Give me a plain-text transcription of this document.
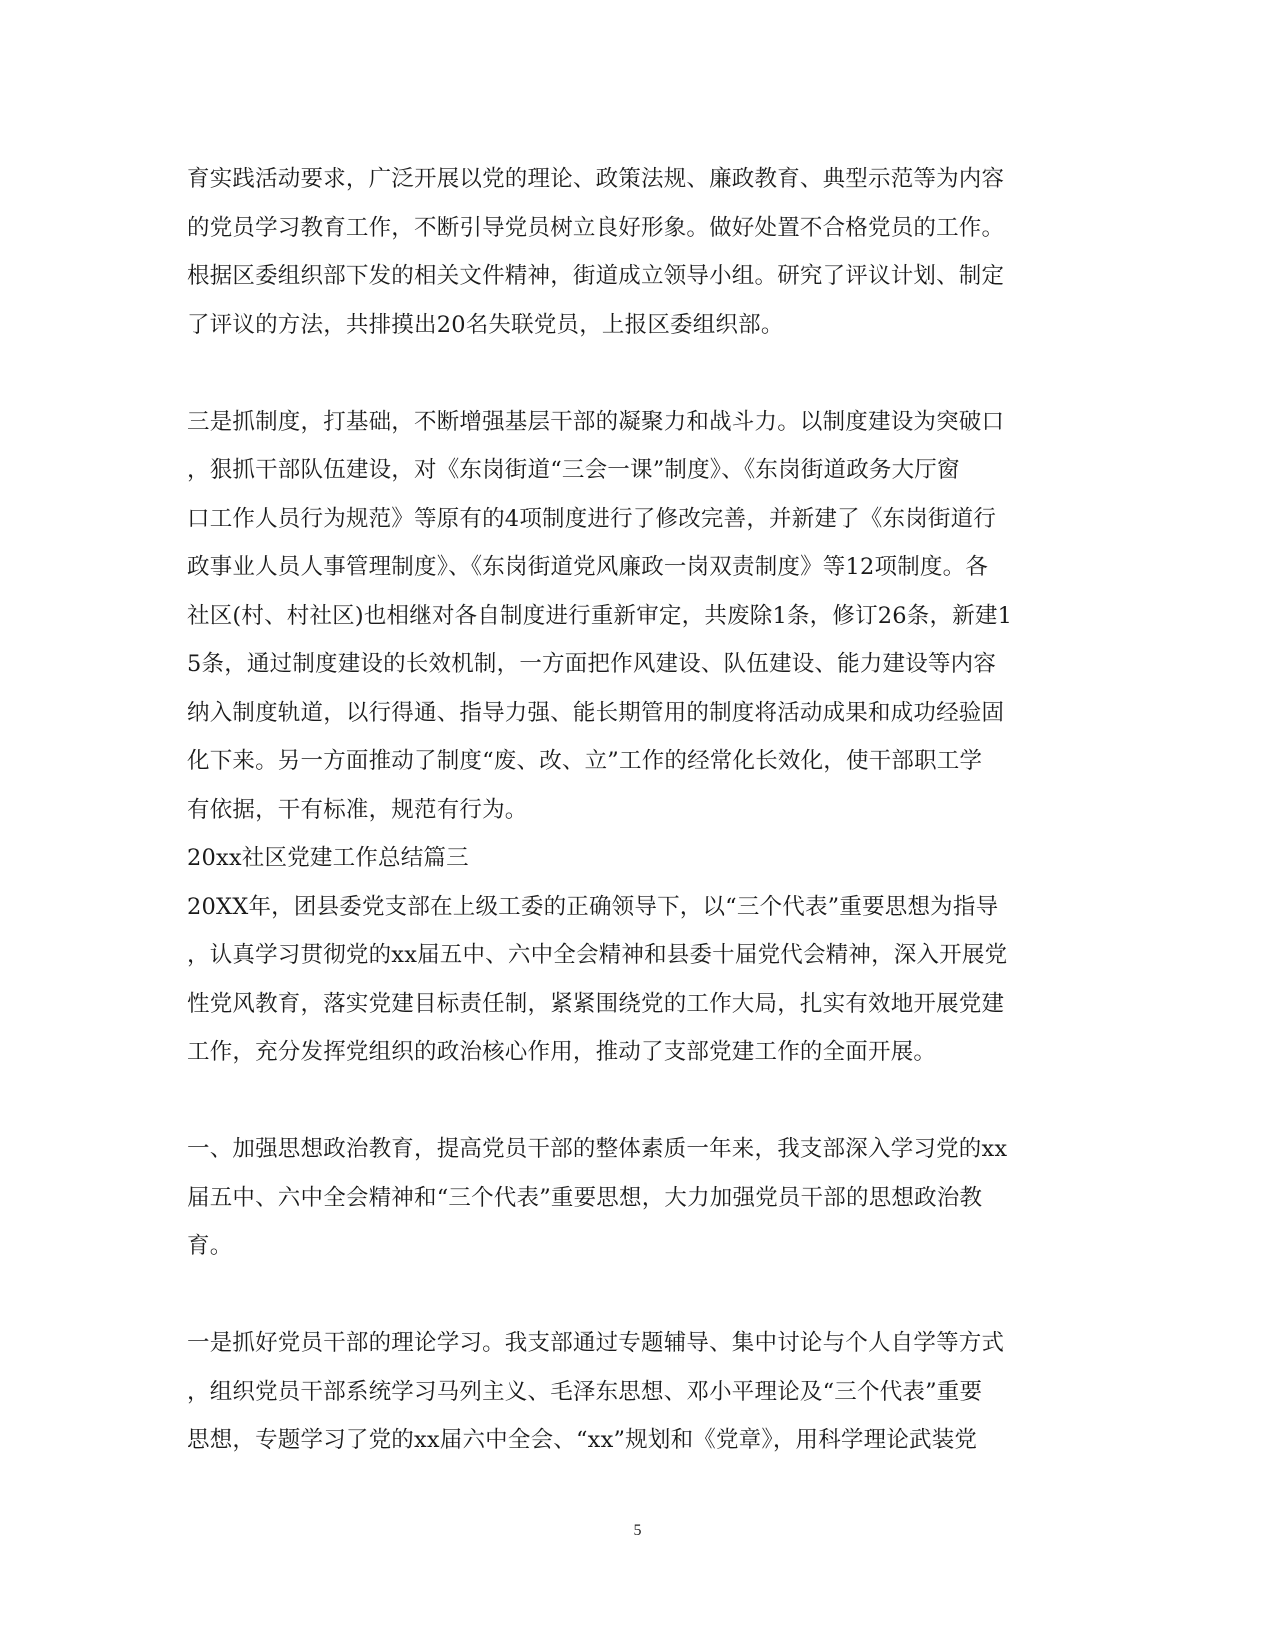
育实践活动要求，广泛开展以党的理论、政策法规、廉政教育、典型示范等为内容
的党员学习教育工作，不断引导党员树立良好形象。做好处置不合格党员的工作。
根据区委组织部下发的相关文件精神，街道成立领导小组。研究了评议计划、制定
了评议的方法，共排摸出20名失联党员，上报区委组织部。
三是抓制度，打基础，不断增强基层干部的凝聚力和战斗力。以制度建设为突破口
，狠抓干部队伍建设，对《东岗街道“三会一课”制度》、《东岗街道政务大厅窗
口工作人员行为规范》等原有的4项制度进行了修改完善，并新建了《东岗街道行
政事业人员人事管理制度》、《东岗街道党风廉政一岗双责制度》等12项制度。各
社区(村、村社区)也相继对各自制度进行重新审定，共废除1条，修订26条，新建1
5条，通过制度建设的长效机制，一方面把作风建设、队伍建设、能力建设等内容
纳入制度轨道，以行得通、指导力强、能长期管用的制度将活动成果和成功经验固
化下来。另一方面推动了制度“废、改、立”工作的经常化长效化，使干部职工学
有依据，干有标准，规范有行为。
20xx社区党建工作总结篇三
20XX年，团县委党支部在上级工委的正确领导下，以“三个代表”重要思想为指导
，认真学习贯彻党的xx届五中、六中全会精神和县委十届党代会精神，深入开展党
性党风教育，落实党建目标责任制，紧紧围绕党的工作大局，扎实有效地开展党建
工作，充分发挥党组织的政治核心作用，推动了支部党建工作的全面开展。
一、加强思想政治教育，提高党员干部的整体素质一年来，我支部深入学习党的xx
届五中、六中全会精神和“三个代表”重要思想，大力加强党员干部的思想政治教
育。
一是抓好党员干部的理论学习。我支部通过专题辅导、集中讨论与个人自学等方式
，组织党员干部系统学习马列主义、毛泽东思想、邓小平理论及“三个代表”重要
思想，专题学习了党的xx届六中全会、“xx”规划和《党章》，用科学理论武装党
5
